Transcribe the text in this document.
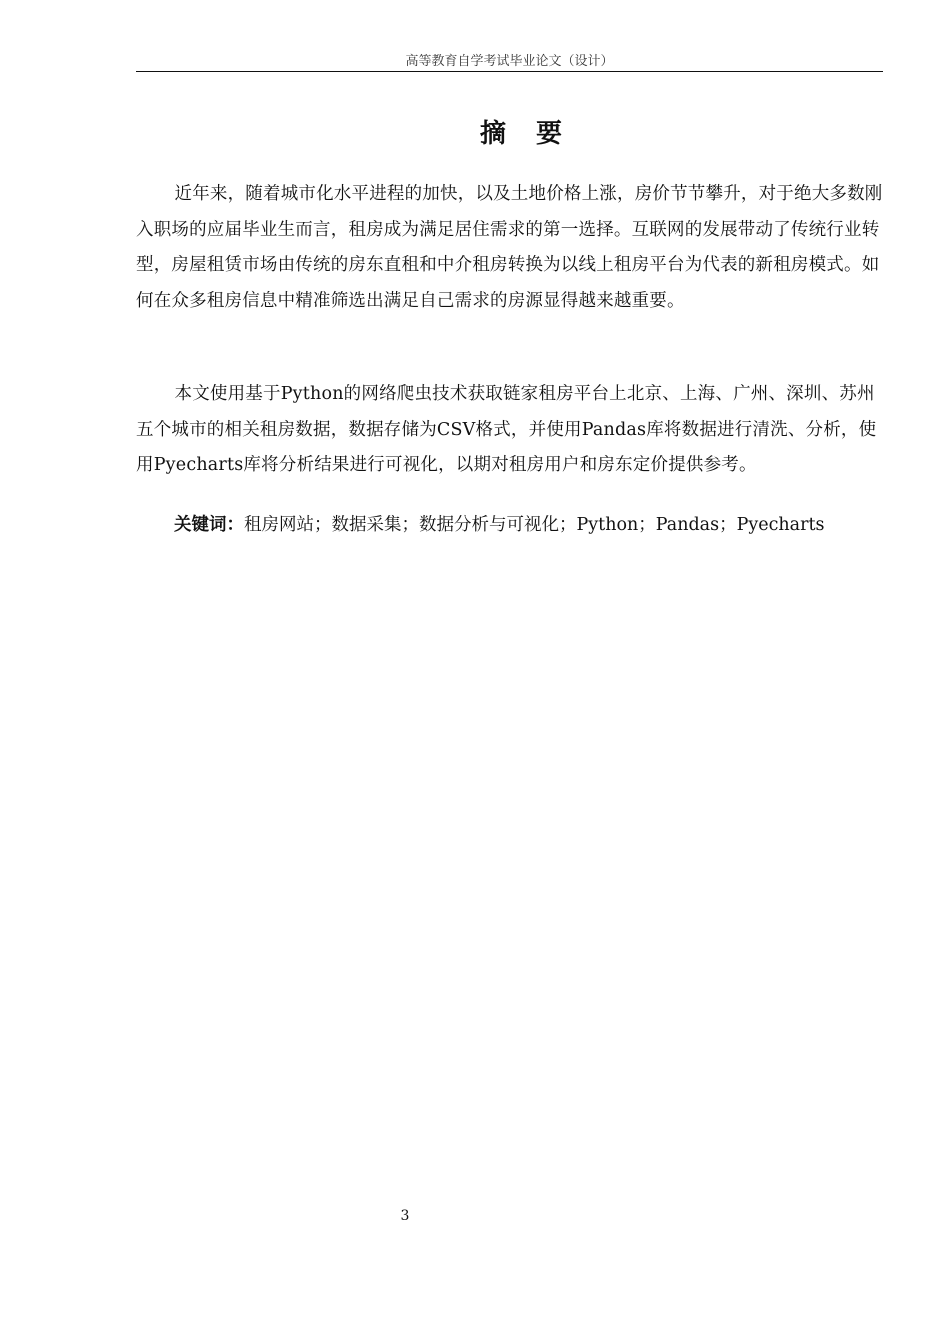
高等教育自学考试毕业论文（设计）
摘要

近年来，随着城市化水平进程的加快，以及土地价格上涨，房价节节攀升，对于绝大多数刚入职场的应届毕业生而言，租房成为满足居住需求的第一选择。互联网的发展带动了传统行业转型，房屋租赁市场由传统的房东直租和中介租房转换为以线上租房平台为代表的新租房模式。如何在众多租房信息中精准筛选出满足自己需求的房源显得越来越重要。

本文使用基于Python的网络爬虫技术获取链家租房平台上北京、上海、广州、深圳、苏州五个城市的相关租房数据，数据存储为CSV格式，并使用Pandas库将数据进行清洗、分析，使用Pyecharts库将分析结果进行可视化，以期对租房用户和房东定价提供参考。

关键词：租房网站；数据采集；数据分析与可视化；Python；Pandas；Pyecharts
3
